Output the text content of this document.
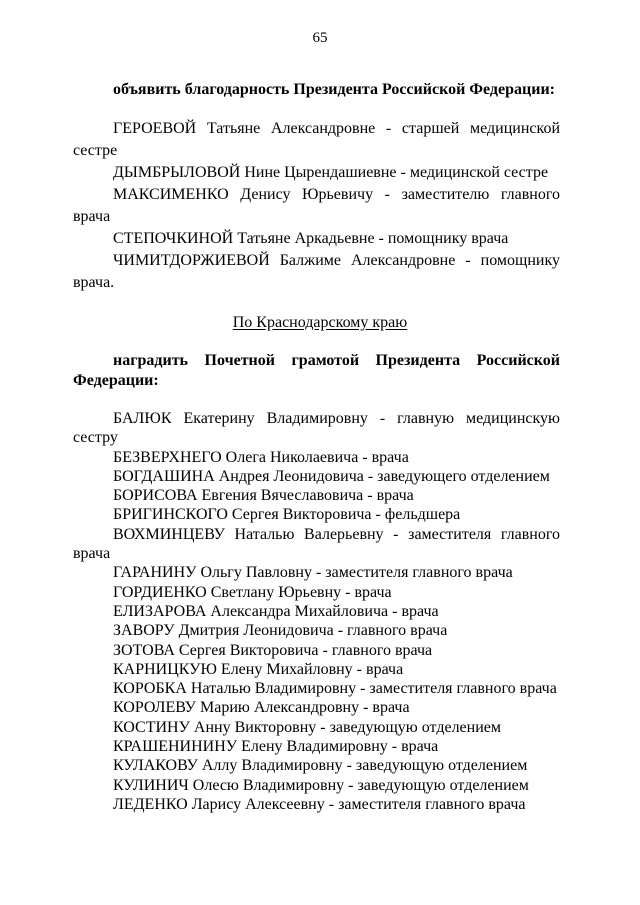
65

объявить благодарность Президента Российской Федерации:

ГЕРОЕВОЙ Татьяне Александровне - старшей медицинской сестре

ДЫМБРЫЛОВОЙ Нине Цырендашиевне - медицинской сестре

МАКСИМЕНКО Денису Юрьевичу - заместителю главного врача

СТЕПОЧКИНОЙ Татьяне Аркадьевне - помощнику врача

ЧИМИТДОРЖИЕВОЙ Балжиме Александровне - помощнику врача.

По Краснодарскому краю

наградить Почетной грамотой Президента Российской Федерации:

БАЛЮК Екатерину Владимировну - главную медицинскую сестру

БЕЗВЕРХНЕГО Олега Николаевича - врача

БОГДАШИНА Андрея Леонидовича - заведующего отделением

БОРИСОВА Евгения Вячеславовича - врача

БРИГИНСКОГО Сергея Викторовича - фельдшера

ВОХМИНЦЕВУ Наталью Валерьевну - заместителя главного врача

ГАРАНИНУ Ольгу Павловну - заместителя главного врача

ГОРДИЕНКО Светлану Юрьевну - врача

ЕЛИЗАРОВА Александра Михайловича - врача

ЗАВОРУ Дмитрия Леонидовича - главного врача

ЗОТОВА Сергея Викторовича - главного врача

КАРНИЦКУЮ Елену Михайловну - врача

КОРОБКА Наталью Владимировну - заместителя главного врача

КОРОЛЕВУ Марию Александровну - врача

КОСТИНУ Анну Викторовну - заведующую отделением

КРАШЕНИНИНУ Елену Владимировну - врача

КУЛАКОВУ Аллу Владимировну - заведующую отделением

КУЛИНИЧ Олесю Владимировну - заведующую отделением

ЛЕДЕНКО Ларису Алексеевну - заместителя главного врача
